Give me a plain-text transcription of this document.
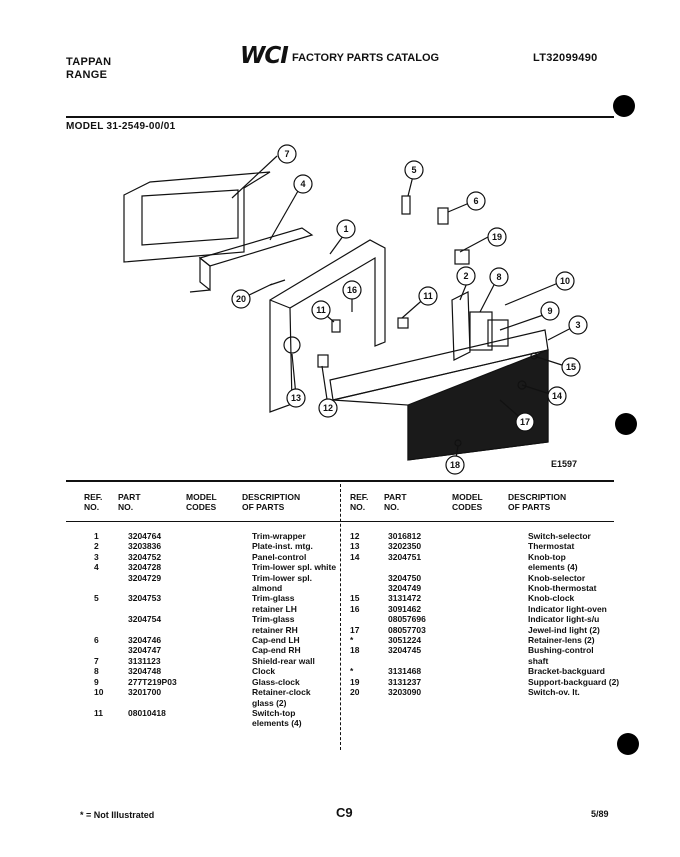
TAPPAN
RANGE
WCI FACTORY PARTS CATALOG	LT32099490
MODEL 31-2549-00/01
7
4
1
5
6
19
2	8	10
9
3
15
14
17
18
11
16
11
13
12
20
E1597
REF.
NO.
PART
NO.
MODEL
CODES
DESCRIPTION
OF PARTS
REF.
NO.
PART
NO.
MODEL
CODES
DESCRIPTION
OF PARTS
1	3204764		Trim-wrapper
2	3203836		Plate-inst. mtg.
3	3204752		Panel-control
4	3204728		Trim-lower spl. white
	3204729		Trim-lower spl.
			almond
5	3204753		Trim-glass
			retainer LH
	3204754		Trim-glass
			retainer RH
6	3204746		Cap-end LH
	3204747		Cap-end RH
7	3131123		Shield-rear wall
8	3204748		Clock
9	277T219P03		Glass-clock
10	3201700		Retainer-clock
			glass (2)
11	08010418		Switch-top
			elements (4)
12	3016812		Switch-selector
13	3202350		Thermostat
14	3204751		Knob-top
			elements (4)
	3204750		Knob-selector
	3204749		Knob-thermostat
15	3131472		Knob-clock
16	3091462		Indicator light-oven
	08057696		Indicator light-s/u
17	08057703		Jewel-ind light (2)
*	3051224		Retainer-lens (2)
18	3204745		Bushing-control
			shaft
*	3131468		Bracket-backguard
19	3131237		Support-backguard (2)
20	3203090		Switch-ov. lt.
* = Not Illustrated	C9	5/89
